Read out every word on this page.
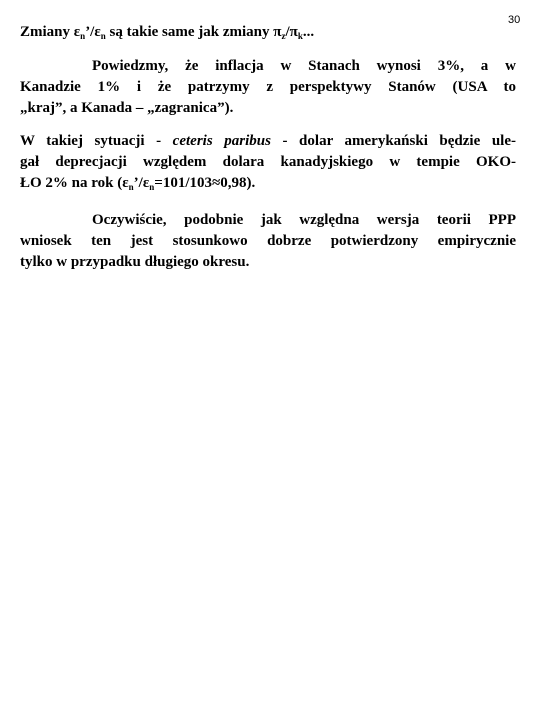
30
Zmiany $\varepsilon_n’/\varepsilon_n$ są takie same jak zmiany $\pi_z/\pi_k$...
Powiedzmy, że inflacja w Stanach wynosi 3%, a w
Kanadzie 1% i że patrzymy z perspektywy Stanów (USA to
„kraj”, a Kanada – „zagranica”).
W takiej sytuacji - ceteris paribus - dolar amerykański będzie ule-
gał deprecjacji względem dolara kanadyjskiego w tempie OKO-
ŁO 2% na rok $(\varepsilon_n’/\varepsilon_n=101/103\approx 0,98)$.
Oczywiście, podobnie jak względna wersja teorii PPP
wniosek ten jest stosunkowo dobrze potwierdzony empirycznie
tylko w przypadku długiego okresu.
